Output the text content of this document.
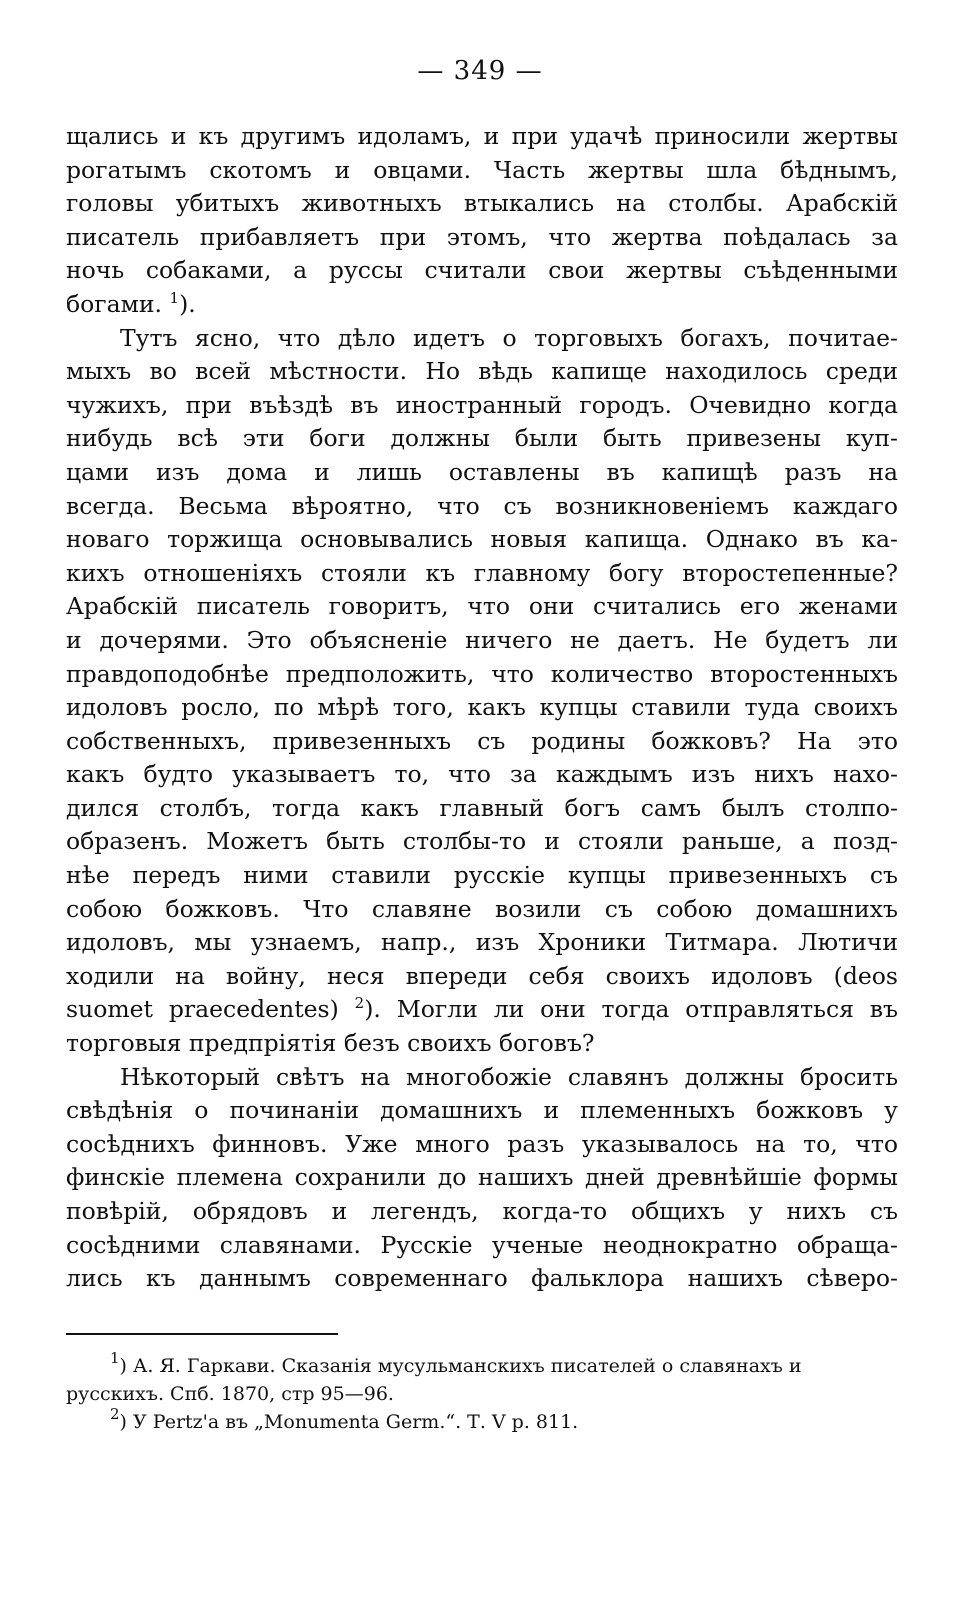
— 349 —

щались и къ другимъ идоламъ, и при удачѣ приносили жертвы
рогатымъ скотомъ и овцами. Часть жертвы шла бѣднымъ,
головы убитыхъ животныхъ втыкались на столбы. Арабскій
писатель прибавляетъ при этомъ, что жертва поѣдалась за
ночь собаками, а руссы считали свои жертвы съѣденными
богами. $^1$).

Тутъ ясно, что дѣло идетъ о торговыхъ богахъ, почитае-
мыхъ во всей мѣстности. Но вѣдь капище находилось среди
чужихъ, при въѣздѣ въ иностранный городъ. Очевидно когда
нибудь всѣ эти боги должны были быть привезены куп-
цами изъ дома и лишь оставлены въ капищѣ разъ на
всегда. Весьма вѣроятно, что съ возникновеніемъ каждаго
новаго торжища основывались новыя капища. Однако въ ка-
кихъ отношеніяхъ стояли къ главному богу второстепенные?
Арабскій писатель говоритъ, что они считались его женами
и дочерями. Это объясненіе ничего не даетъ. Не будетъ ли
правдоподобнѣе предположить, что количество второстенныхъ
идоловъ росло, по мѣрѣ того, какъ купцы ставили туда своихъ
собственныхъ, привезенныхъ съ родины божковъ? На это
какъ будто указываетъ то, что за каждымъ изъ нихъ нахо-
дился столбъ, тогда какъ главный богъ самъ былъ столпо-
образенъ. Можетъ быть столбы-то и стояли раньше, а позд-
нѣе передъ ними ставили русскіе купцы привезенныхъ съ
собою божковъ. Что славяне возили съ собою домашнихъ
идоловъ, мы узнаемъ, напр., изъ Хроники Титмара. Лютичи
ходили на войну, неся впереди себя своихъ идоловъ (deos
suomet praecedentes) $^2$). Могли ли они тогда отправляться въ
торговыя предпріятія безъ своихъ боговъ?

Нѣкоторый свѣтъ на многобожіе славянъ должны бросить
свѣдѣнія о починаніи домашнихъ и племенныхъ божковъ у
сосѣднихъ финновъ. Уже много разъ указывалось на то, что
финскіе племена сохранили до нашихъ дней древнѣйшіе формы
повѣрій, обрядовъ и легендъ, когда-то общихъ у нихъ съ
сосѣдними славянами. Русскіе ученые неоднократно обраща-
лись къ даннымъ современнаго фальклора нашихъ сѣверо-

$^1$) А. Я. Гаркави. Сказанія мусульманскихъ писателей о славянахъ и
русскихъ. Спб. 1870, стр 95—96.

$^2$) У Pertz'а въ „Monumenta Germ.“. Т. V р. 811.
